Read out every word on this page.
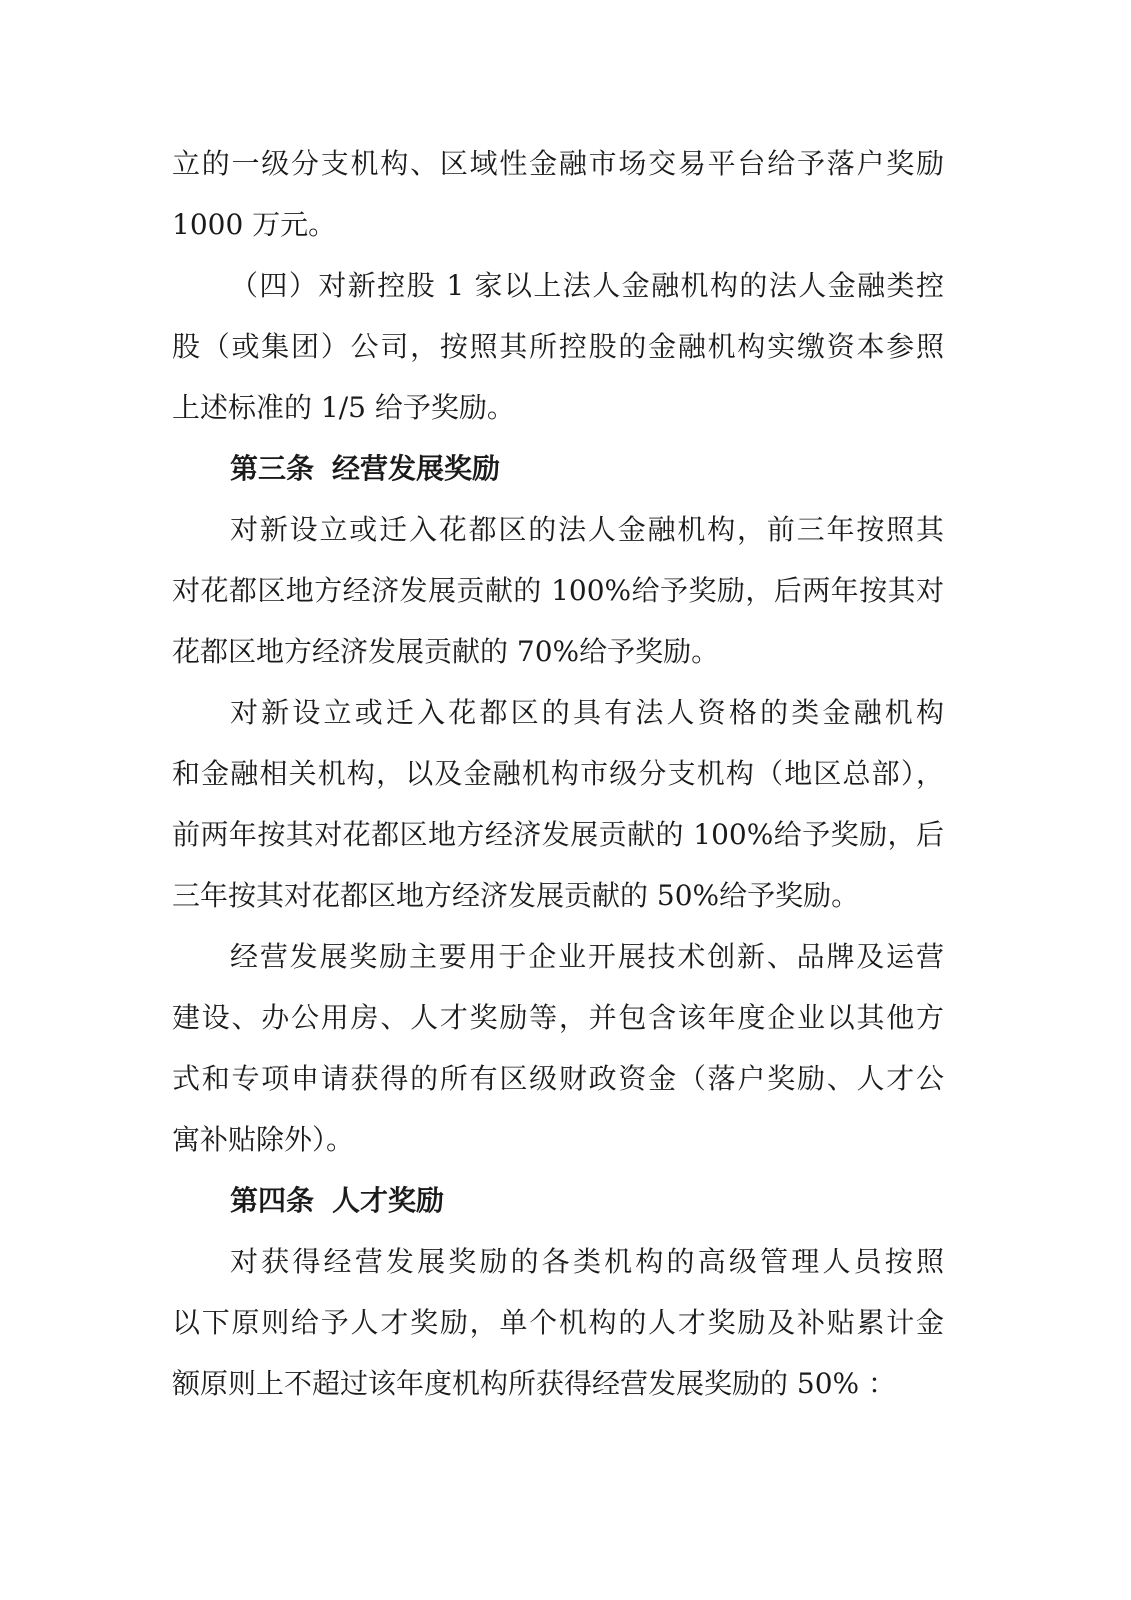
立的一级分支机构、区域性金融市场交易平台给予落户奖励
1000 万元。
（四）对新控股 1 家以上法人金融机构的法人金融类控
股（或集团）公司，按照其所控股的金融机构实缴资本参照
上述标准的 1/5 给予奖励。
第三条 经营发展奖励
对新设立或迁入花都区的法人金融机构，前三年按照其
对花都区地方经济发展贡献的 100%给予奖励，后两年按其对
花都区地方经济发展贡献的 70%给予奖励。
对新设立或迁入花都区的具有法人资格的类金融机构
和金融相关机构，以及金融机构市级分支机构（地区总部），
前两年按其对花都区地方经济发展贡献的 100%给予奖励，后
三年按其对花都区地方经济发展贡献的 50%给予奖励。
经营发展奖励主要用于企业开展技术创新、品牌及运营
建设、办公用房、人才奖励等，并包含该年度企业以其他方
式和专项申请获得的所有区级财政资金（落户奖励、人才公
寓补贴除外）。
第四条 人才奖励
对获得经营发展奖励的各类机构的高级管理人员按照
以下原则给予人才奖励，单个机构的人才奖励及补贴累计金
额原则上不超过该年度机构所获得经营发展奖励的 50% ：
